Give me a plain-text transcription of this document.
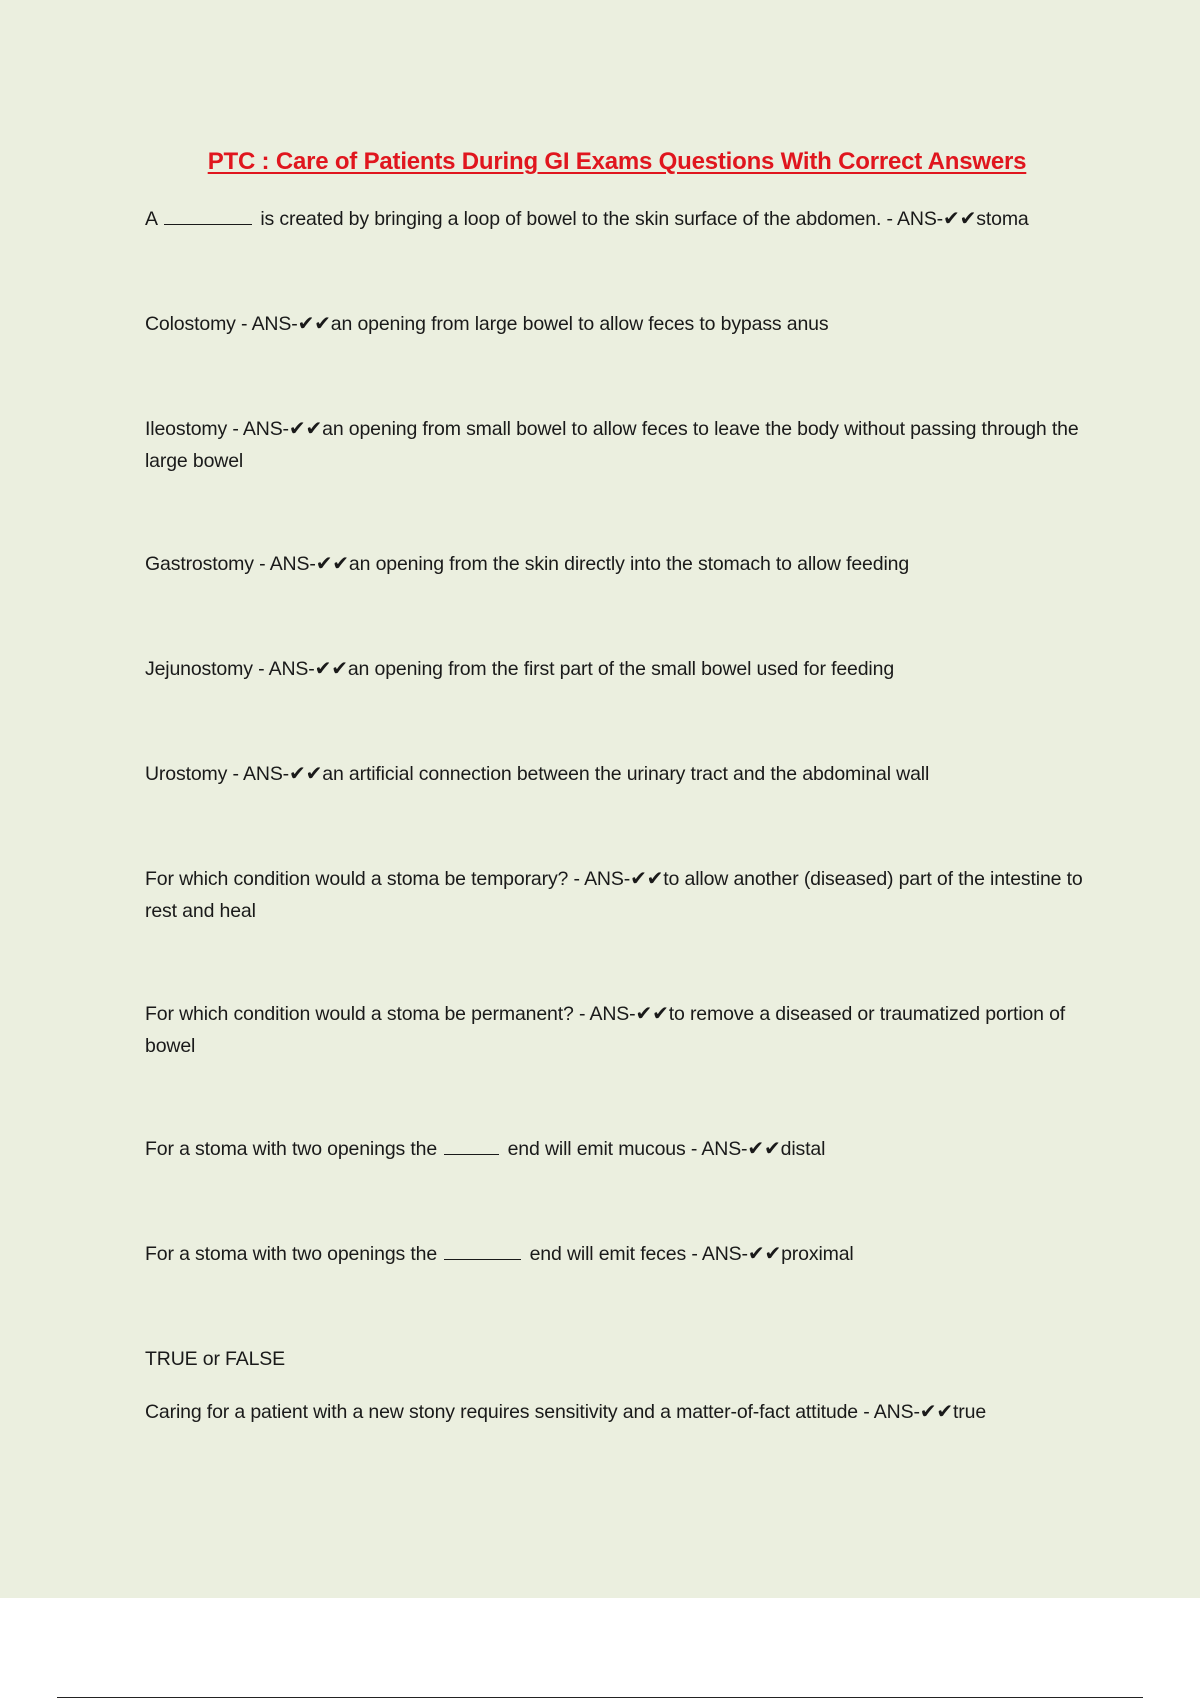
PTC : Care of Patients During GI Exams Questions With Correct Answers
A	is created by bringing a loop of bowel to the skin surface of the abdomen. - ANS-✔✔stoma
Colostomy - ANS-✔✔an opening from large bowel to allow feces to bypass anus
Ileostomy - ANS-✔✔an opening from small bowel to allow feces to leave the body without passing through the large bowel
Gastrostomy - ANS-✔✔an opening from the skin directly into the stomach to allow feeding
Jejunostomy - ANS-✔✔an opening from the first part of the small bowel used for feeding
Urostomy - ANS-✔✔an artificial connection between the urinary tract and the abdominal wall
For which condition would a stoma be temporary? - ANS-✔✔to allow another (diseased) part of the intestine to rest and heal
For which condition would a stoma be permanent? - ANS-✔✔to remove a diseased or traumatized portion of bowel
For a stoma with two openings the	end will emit mucous - ANS-✔✔distal
For a stoma with two openings the	end will emit feces - ANS-✔✔proximal
TRUE or FALSE
Caring for a patient with a new stony requires sensitivity and a matter-of-fact attitude - ANS-✔✔true
